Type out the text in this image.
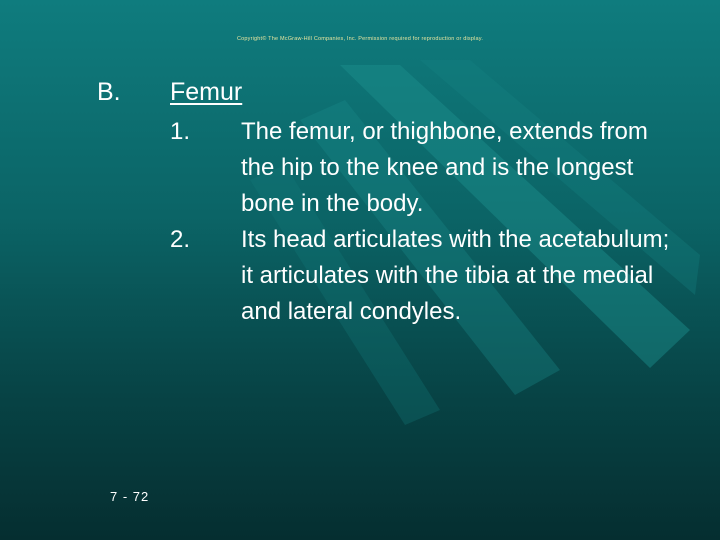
Copyright© The McGraw-Hill Companies, Inc. Permission required for reproduction or display.
B. Femur
1. The femur, or thighbone, extends from the hip to the knee and is the longest bone in the body.
2. Its head articulates with the acetabulum; it articulates with the tibia at the medial and lateral condyles.
7 - 72
